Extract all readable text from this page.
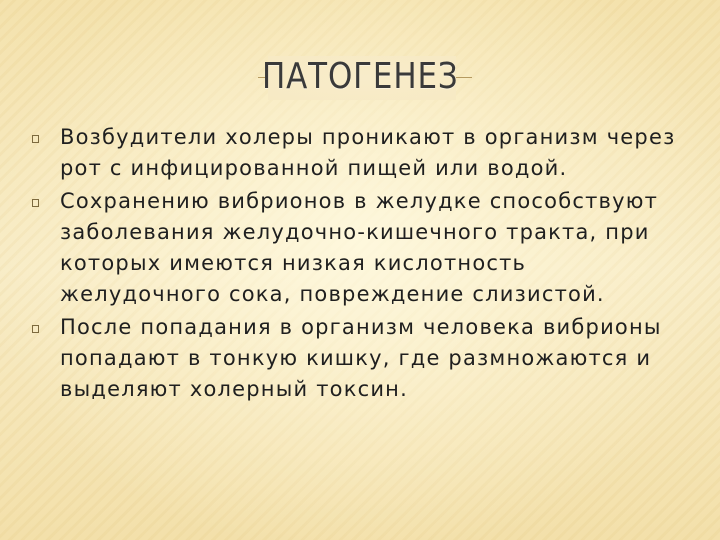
ПАТОГЕНЕЗ
Возбудители холеры проникают в организм через рот с инфицированной пищей или водой.
Сохранению вибрионов в желудке способствуют заболевания желудочно-кишечного тракта, при которых имеются низкая кислотность желудочного сока, повреждение слизистой.
После попадания в организм человека вибрионы попадают в тонкую кишку, где размножаются и выделяют холерный токсин.
